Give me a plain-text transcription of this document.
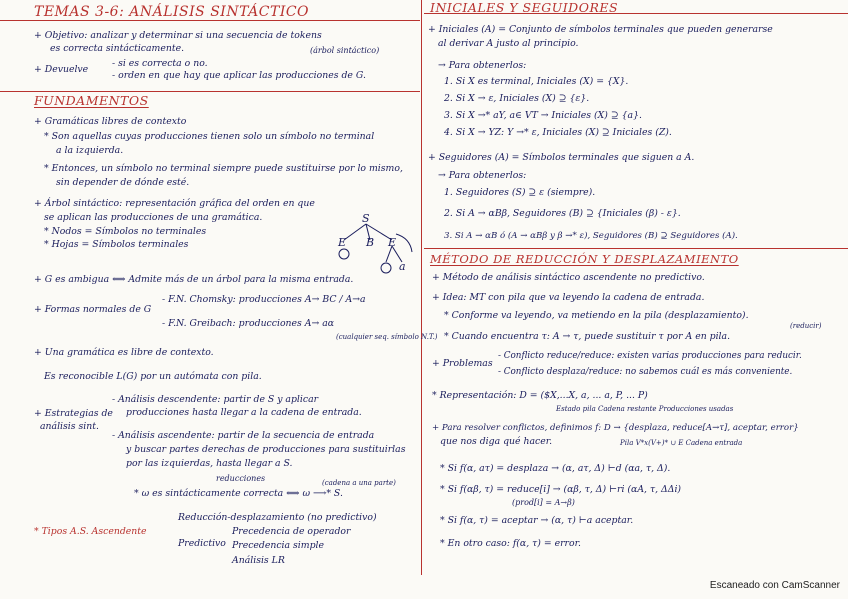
TEMAS 3-6: ANÁLISIS SINTÁCTICO
+ Objetivo: analizar y determinar si una secuencia de tokens
es correcta sintácticamente.	(árbol sintáctico)
+ Devuelve
- si es correcta o no.
- orden en que hay que aplicar las producciones de G.
FUNDAMENTOS
+ Gramáticas libres de contexto
* Son aquellas cuyas producciones tienen solo un símbolo no terminal
a la izquierda.
* Entonces, un símbolo no terminal siempre puede sustituirse por lo mismo,
sin depender de dónde esté.
+ Árbol sintáctico: representación gráfica del orden en que
se aplican las producciones de una gramática.
* Nodos = Símbolos no terminales
* Hojas = Símbolos terminales
S
E B E
a
+ G es ambigua ⟺ Admite más de un árbol para la misma entrada.
+ Formas normales de G
- F.N. Chomsky: producciones A→ BC / A→a
- F.N. Greibach: producciones A→ aα
(cualquier seq. símbolo N.T.)
+ Una gramática es libre de contexto.
Es reconocible L(G) por un autómata con pila.
+ Estrategias de
análisis sint.
- Análisis descendente: partir de S y aplicar
producciones hasta llegar a la cadena de entrada.
- Análisis ascendente: partir de la secuencia de entrada
y buscar partes derechas de producciones para sustituirlas
por las izquierdas, hasta llegar a S.
reducciones	(cadena a una parte)
* ω es sintácticamente correcta ⟺ ω ⟶* S.
* Tipos A.S. Ascendente
Reducción-desplazamiento (no predictivo)
Predictivo
Precedencia de operador
Precedencia simple
Análisis LR
INICIALES Y SEGUIDORES
+ Iniciales (A) = Conjunto de símbolos terminales que pueden generarse
al derivar A justo al principio.
→ Para obtenerlos:
1. Si X es terminal, Iniciales (X) = {X}.
2. Si X → ε, Iniciales (X) ⊇ {ε}.
3. Si X →* aY, a∈ VT → Iniciales (X) ⊇ {a}.
4. Si X → YZ: Y →* ε, Iniciales (X) ⊇ Iniciales (Z).
+ Seguidores (A) = Símbolos terminales que siguen a A.
→ Para obtenerlos:
1. Seguidores (S) ⊇ ε (siempre).
2. Si A → αBβ, Seguidores (B) ⊇ {Iniciales (β) - ε}.
3. Si A → αB ó (A → αBβ y β →* ε), Seguidores (B) ⊇ Seguidores (A).
MÉTODO DE REDUCCIÓN Y DESPLAZAMIENTO
+ Método de análisis sintáctico ascendente no predictivo.
+ Idea: MT con pila que va leyendo la cadena de entrada.
* Conforme va leyendo, va metiendo en la pila (desplazamiento).
* Cuando encuentra τ: A → τ, puede sustituir τ por A en pila.
(reducir)
+ Problemas
- Conflicto reduce/reduce: existen varias producciones para reducir.
- Conflicto desplaza/reduce: no sabemos cuál es más conveniente.
* Representación: D = ($X,...X, a, ... a, P, ... P)
Estado pila Cadena restante Producciones usadas
+ Para resolver conflictos, definimos f: D → {desplaza, reduce[A→τ], aceptar, error}
que nos diga qué hacer.	Pila V*x(V+)* ∪ E Cadena entrada
* Si f(α, aτ) = desplaza → (α, aτ, Δ) ⊢d (αa, τ, Δ).
* Si f(αβ, τ) = reduce[i] → (αβ, τ, Δ) ⊢ri (αA, τ, ΔΔi)
(prod[i] = A→β)
* Si f(α, τ) = aceptar → (α, τ) ⊢a aceptar.
* En otro caso: f(α, τ) = error.
Escaneado con CamScanner
